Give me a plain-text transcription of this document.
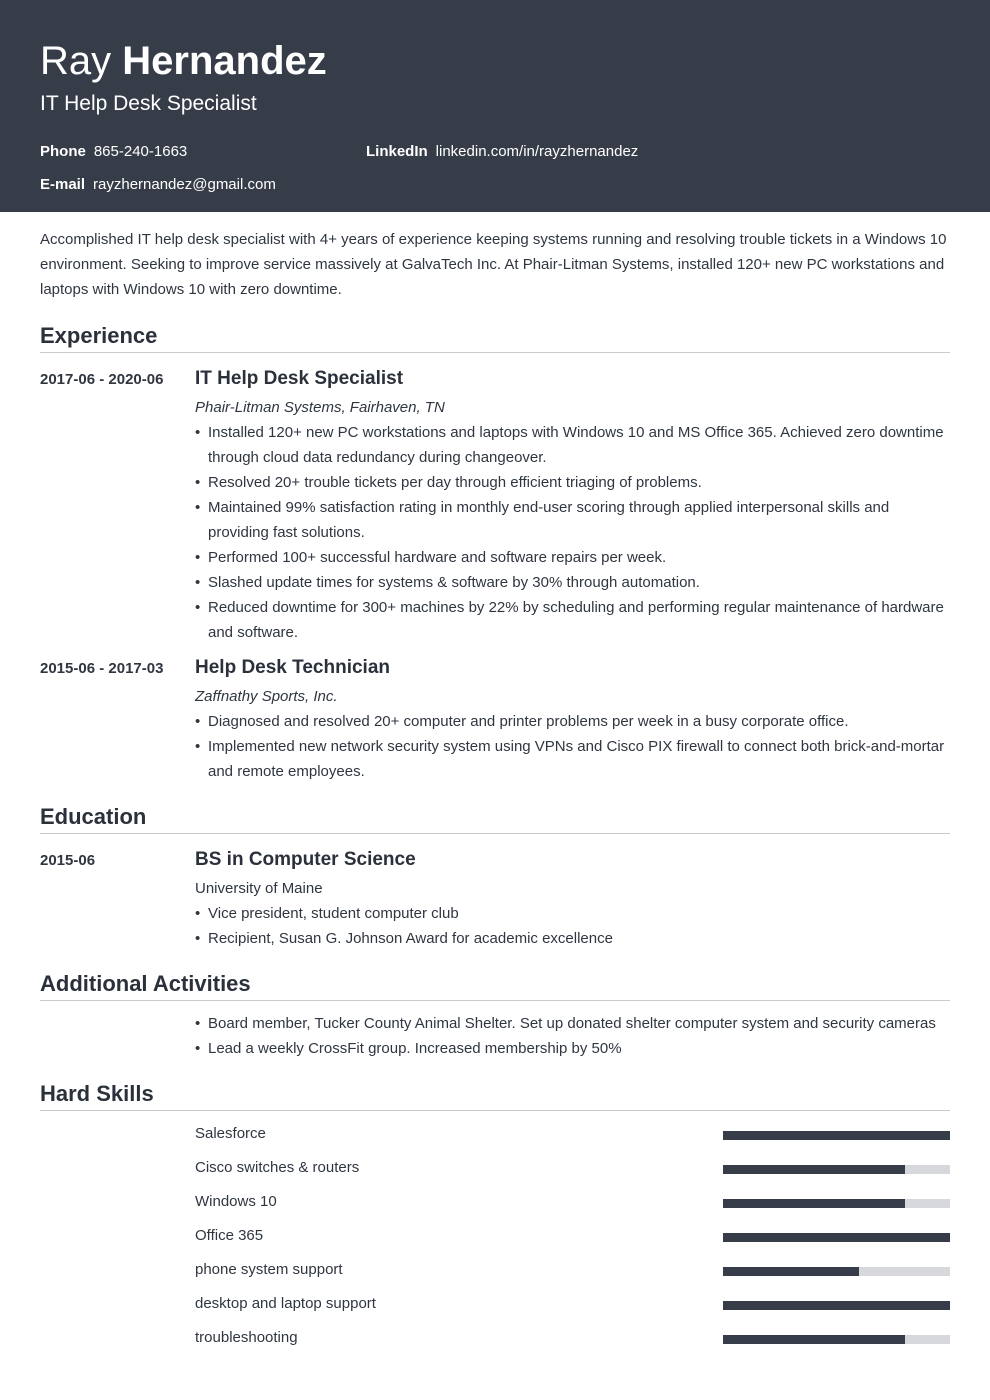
Ray Hernandez
IT Help Desk Specialist
Phone 865-240-1663	LinkedIn linkedin.com/in/rayzhernandez
E-mail rayzhernandez@gmail.com

Accomplished IT help desk specialist with 4+ years of experience keeping systems running and resolving trouble tickets in a Windows 10 environment. Seeking to improve service massively at GalvaTech Inc. At Phair-Litman Systems, installed 120+ new PC workstations and laptops with Windows 10 with zero downtime.

Experience
2017-06 - 2020-06 IT Help Desk Specialist
Phair-Litman Systems, Fairhaven, TN
• Installed 120+ new PC workstations and laptops with Windows 10 and MS Office 365. Achieved zero downtime through cloud data redundancy during changeover.
• Resolved 20+ trouble tickets per day through efficient triaging of problems.
• Maintained 99% satisfaction rating in monthly end-user scoring through applied interpersonal skills and providing fast solutions.
• Performed 100+ successful hardware and software repairs per week.
• Slashed update times for systems & software by 30% through automation.
• Reduced downtime for 300+ machines by 22% by scheduling and performing regular maintenance of hardware and software.
2015-06 - 2017-03 Help Desk Technician
Zaffnathy Sports, Inc.
• Diagnosed and resolved 20+ computer and printer problems per week in a busy corporate office.
• Implemented new network security system using VPNs and Cisco PIX firewall to connect both brick-and-mortar and remote employees.
Education
2015-06	BS in Computer Science
University of Maine
• Vice president, student computer club
• Recipient, Susan G. Johnson Award for academic excellence
Additional Activities
• Board member, Tucker County Animal Shelter. Set up donated shelter computer system and security cameras
• Lead a weekly CrossFit group. Increased membership by 50%
Hard Skills
Salesforce
Cisco switches & routers
Windows 10
Office 365
phone system support
desktop and laptop support
troubleshooting
